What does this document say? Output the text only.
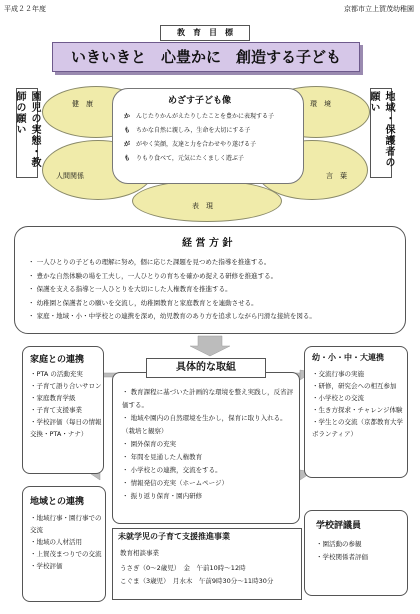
平成２２年度	京都市立上賀茂幼稚園
教　育　目　標
いきいきと　心豊かに　創造する子ども
園児の実態・教師の願い	地域・保護者の願い
健　康	環　境
人間関係	言　葉
表　現
めざす子ども像
か　 んじたりかんがえたりしたことを豊かに表現する子
も　 ちかな自然に親しみ，生命を大切にする子
が　 がやく笑顔，友達と力を合わせやり遂げる子
も　 りもり食べて，元気にたくましく遊ぶ子
経 営 方 針
・ 一人ひとりの子どもの理解に努め，個に応じた課題を見つめた指導を推進する。
・ 豊かな自然体験の場を工夫し，一人ひとりの育ちを確かめ捉える研修を推進する。
・ 保護を支える指導と一人ひとりを大切にした人権教育を推進する。
・ 幼稚園と保護者との願いを交流し，幼稚園教育と家庭教育とを連動させる。
・ 家庭・地域・小・中学校との連携を深め，幼児教育のあり方を追求しながら円滑な接続を図る。
家庭との連携
・PTA の活動充実
・子育て語り合いサロン
・家庭教育学級
・子育て支援事業
・学校評価（毎日の情報交換・PTA・ナナ）
具体的な取組
・ 教育課程に基づいた計画的な環境を整え実践し，反省評価する。
・ 地域や園内の自然環境を生かし，保育に取り入れる。（栽培と観察）
・ 園外保育の充実
・ 年間を見通した人権教育
・ 小学校との連携，交流をする。
・ 情報発信の充実（ホームページ）
・ 振り返り保育・園内研修
幼・小・中・大連携
・交流行事の実施
・研修，研究会への相互参加
・小学校との交流
・生き方探求・チャレンジ体験
・学生との交流（京都教育大学ボランティア）
地域との連携
・地域行事・園行事での交流
・地域の人材活用
・上賀茂まつりでの交流
・学校評価
学校評議員
・園活動の参観
・学校関係者評価
未就学児の子育て支援推進事業
教育相談事業
うさぎ（0～2歳児）　 金　 午前10時～12時
こぐま（3歳児）　 月水木　 午前9時30分～11時30分
